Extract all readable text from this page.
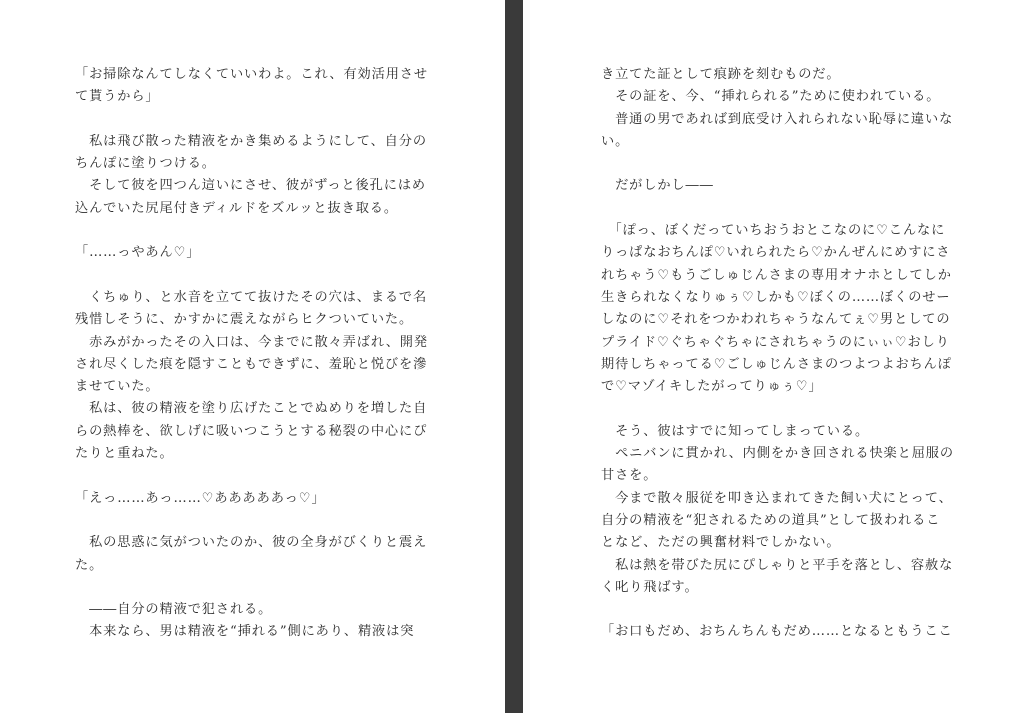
「お掃除なんてしなくていいわよ。これ、有効活用させ
て貰うから」
　私は飛び散った精液をかき集めるようにして、自分の
ちんぽに塗りつける。
　そして彼を四つん這いにさせ、彼がずっと後孔にはめ
込んでいた尻尾付きディルドをズルッと抜き取る。
「……っやあん♡」
　くちゅり、と水音を立てて抜けたその穴は、まるで名
残惜しそうに、かすかに震えながらヒクついていた。
　赤みがかったその入口は、今までに散々弄ばれ、開発
され尽くした痕を隠すこともできずに、羞恥と悦びを滲
ませていた。
　私は、彼の精液を塗り広げたことでぬめりを増した自
らの熱棒を、欲しげに吸いつこうとする秘裂の中心にぴ
たりと重ねた。
「えっ……あっ……♡あああああっ♡」
　私の思惑に気がついたのか、彼の全身がびくりと震え
た。
　――自分の精液で犯される。
　本来なら、男は精液を“挿れる”側にあり、精液は突
き立てた証として痕跡を刻むものだ。
　その証を、今、“挿れられる”ために使われている。
　普通の男であれば到底受け入れられない恥辱に違いな
い。
　だがしかし――
　「ぽっ、ぼくだっていちおうおとこなのに♡こんなに
りっぱなおちんぽ♡いれられたら♡かんぜんにめすにさ
れちゃう♡もうごしゅじんさまの専用オナホとしてしか
生きられなくなりゅぅ♡しかも♡ぼくの……ぼくのせー
しなのに♡それをつかわれちゃうなんてぇ♡男としての
プライド♡ぐちゃぐちゃにされちゃうのにぃぃ♡おしり
期待しちゃってる♡ごしゅじんさまのつよつよおちんぽ
で♡マゾイキしたがってりゅぅ♡」
　そう、彼はすでに知ってしまっている。
　ペニバンに貫かれ、内側をかき回される快楽と屈服の
甘さを。
　今まで散々服従を叩き込まれてきた飼い犬にとって、
自分の精液を“犯されるための道具”として扱われるこ
となど、ただの興奮材料でしかない。
　私は熱を帯びた尻にぴしゃりと平手を落とし、容赦な
く叱り飛ばす。
「お口もだめ、おちんちんもだめ……となるともうここ
